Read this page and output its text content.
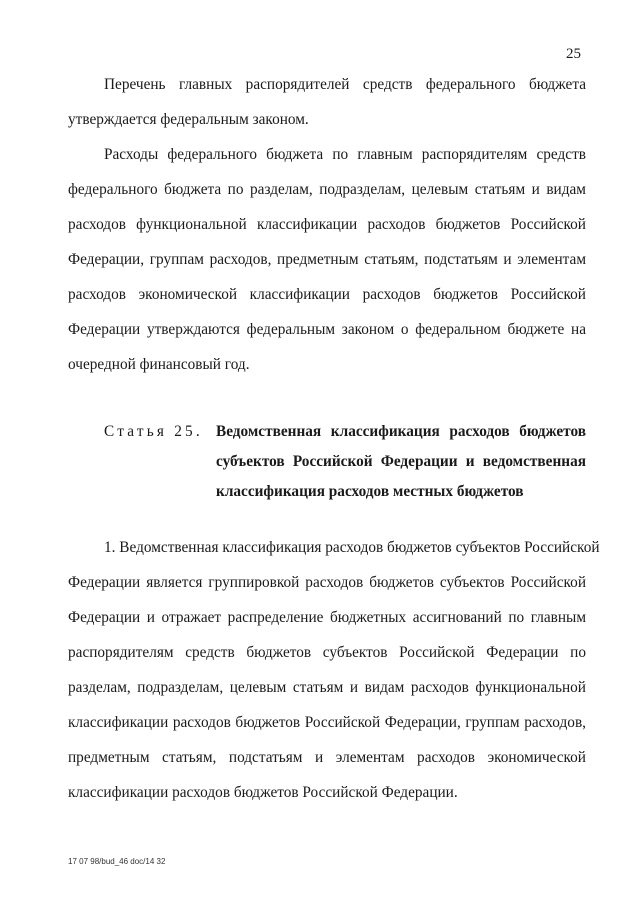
25
Перечень главных распорядителей средств федерального бюджета
утверждается федеральным законом.
Расходы федерального бюджета по главным распорядителям средств
федерального бюджета по разделам, подразделам, целевым статьям и видам
расходов функциональной классификации расходов бюджетов Российской
Федерации, группам расходов, предметным статьям, подстатьям и элементам
расходов экономической классификации расходов бюджетов Российской
Федерации утверждаются федеральным законом о федеральном бюджете на
очередной финансовый год.
Статья 25. Ведомственная классификация расходов бюджетов
субъектов Российской Федерации и ведомственная
классификация расходов местных бюджетов
1. Ведомственная классификация расходов бюджетов субъектов Российской
Федерации является группировкой расходов бюджетов субъектов Российской
Федерации и отражает распределение бюджетных ассигнований по главным
распорядителям средств бюджетов субъектов Российской Федерации по
разделам, подразделам, целевым статьям и видам расходов функциональной
классификации расходов бюджетов Российской Федерации, группам расходов,
предметным статьям, подстатьям и элементам расходов экономической
классификации расходов бюджетов Российской Федерации.
17 07 98/bud_46 doc/14 32
